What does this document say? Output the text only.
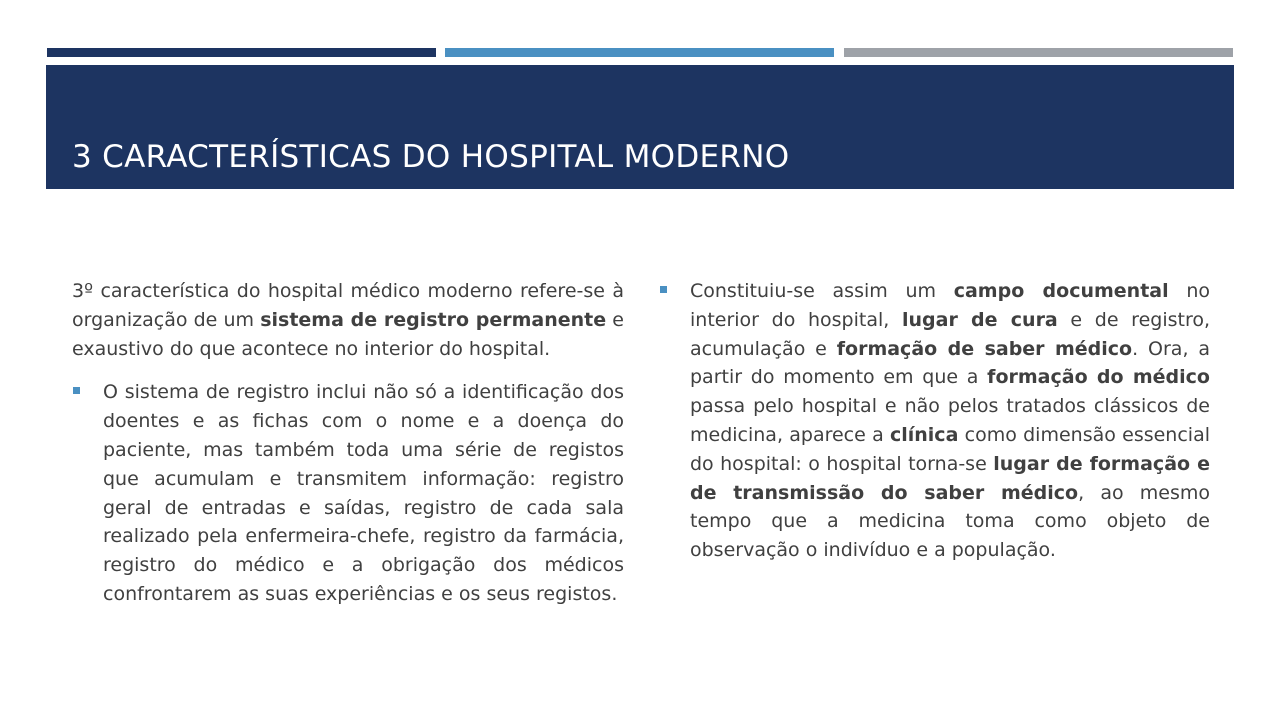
3 CARACTERÍSTICAS DO HOSPITAL MODERNO

3º característica do hospital médico moderno refere-se à organização de um sistema de registro permanente e exaustivo do que acontece no interior do hospital.

O sistema de registro inclui não só a identificação dos doentes e as fichas com o nome e a doença do paciente, mas também toda uma série de registos que acumulam e transmitem informação: registro geral de entradas e saídas, registro de cada sala realizado pela enfermeira-chefe, registro da farmácia, registro do médico e a obrigação dos médicos confrontarem as suas experiências e os seus registos.

Constituiu-se assim um campo documental no interior do hospital, lugar de cura e de registro, acumulação e formação de saber médico. Ora, a partir do momento em que a formação do médico passa pelo hospital e não pelos tratados clássicos de medicina, aparece a clínica como dimensão essencial do hospital: o hospital torna-se lugar de formação e de transmissão do saber médico, ao mesmo tempo que a medicina toma como objeto de observação o indivíduo e a população.
